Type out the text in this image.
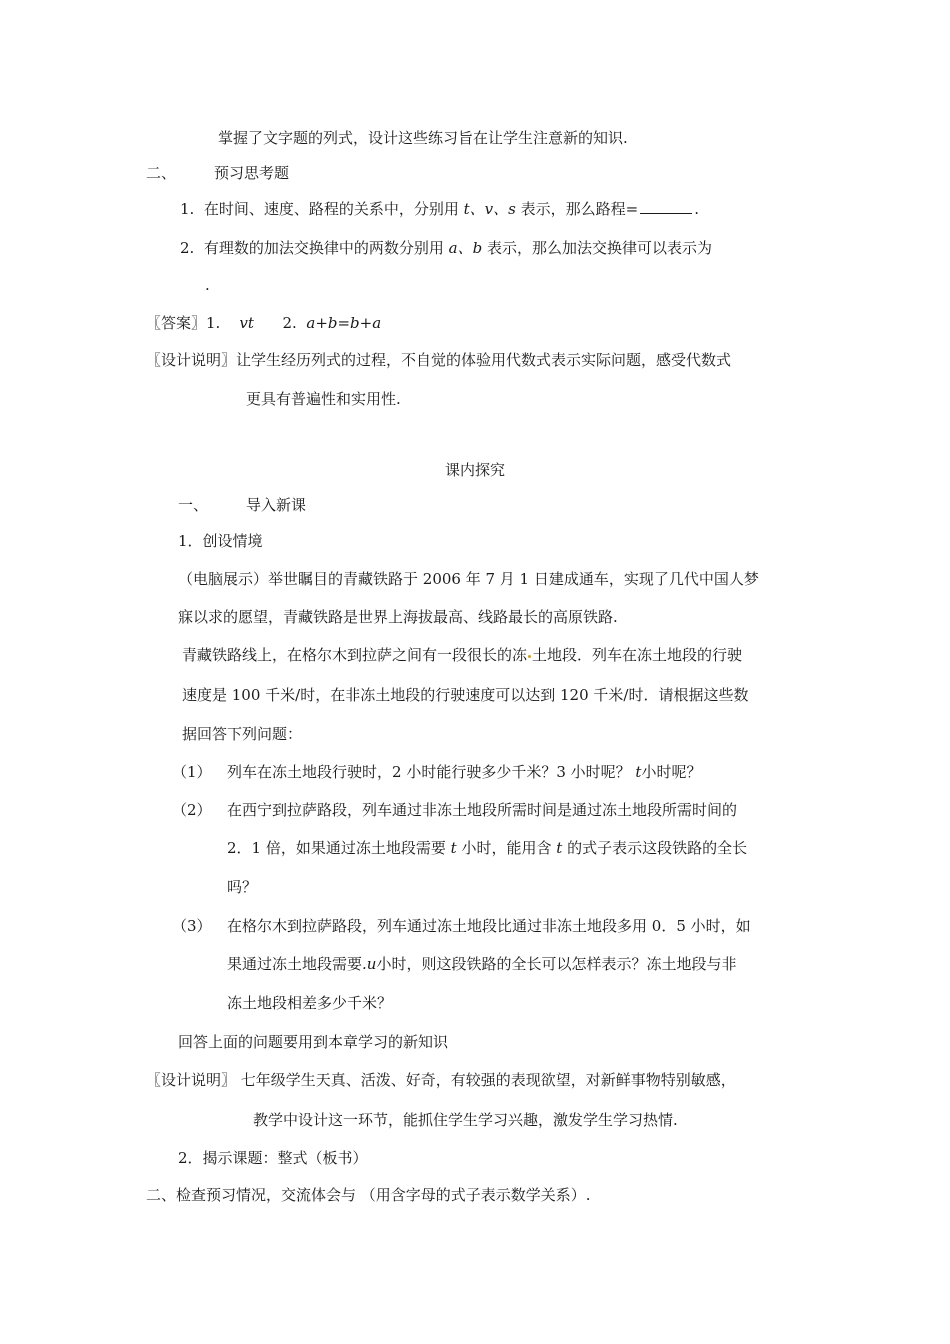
掌握了文字题的列式，设计这些练习旨在让学生注意新的知识.
二、	预习思考题
1. 在时间、速度、路程的关系中，分别用 t、v、s 表示，那么路程=	.
2. 有理数的加法交换律中的两数分别用 a、b 表示，那么加法交换律可以表示为
.
〖答案〗1. vt 2. a+b=b+a
〖设计说明〗让学生经历列式的过程，不自觉的体验用代数式表示实际问题，感受代数式
更具有普遍性和实用性.
课内探究
一、	导入新课
1．创设情境
（电脑展示）举世瞩目的青藏铁路于 2006 年 7 月 1 日建成通车，实现了几代中国人梦
寐以求的愿望，青藏铁路是世界上海拔最高、线路最长的高原铁路.
青藏铁路线上，在格尔木到拉萨之间有一段很长的冻 土地段．列车在冻土地段的行驶
速度是 100 千米/时，在非冻土地段的行驶速度可以达到 120 千米/时．请根据这些数
据回答下列问题：
（1） 列车在冻土地段行驶时，2 小时能行驶多少千米？3 小时呢？ t小时呢？
（2） 在西宁到拉萨路段，列车通过非冻土地段所需时间是通过冻土地段所需时间的
2．1 倍，如果通过冻土地段需要 t 小时，能用含 t 的式子表示这段铁路的全长
吗？
（3） 在格尔木到拉萨路段，列车通过冻土地段比通过非冻土地段多用 0．5 小时，如
果通过冻土地段需要.u小时，则这段铁路的全长可以怎样表示？冻土地段与非
冻土地段相差多少千米？
回答上面的问题要用到本章学习的新知识
〖设计说明〗 七年级学生天真、活泼、好奇，有较强的表现欲望，对新鲜事物特别敏感，
教学中设计这一环节，能抓住学生学习兴趣，激发学生学习热情.
2．揭示课题：整式（板书）
二、检查预习情况，交流体会与 （用含字母的式子表示数学关系）.
